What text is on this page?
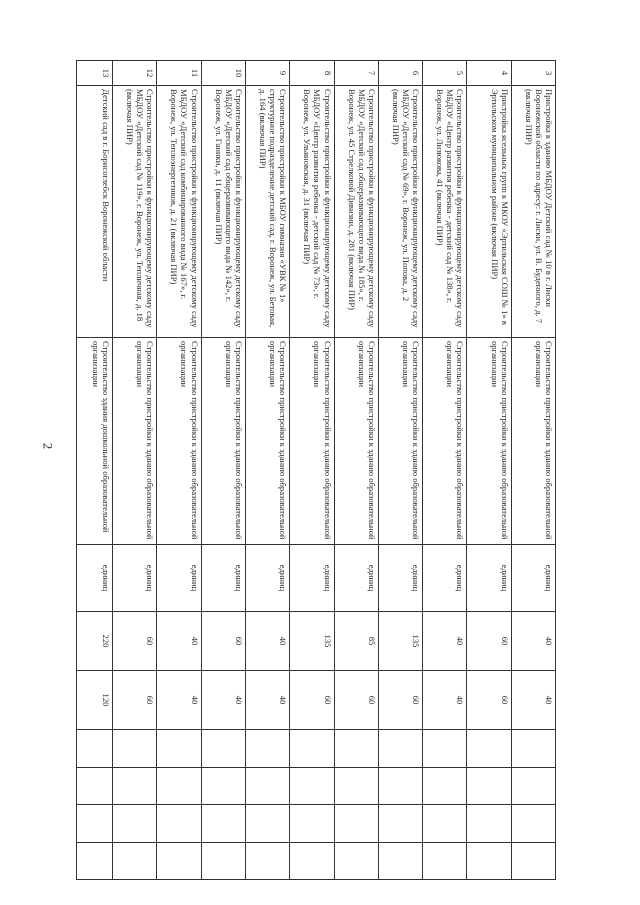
2
3	Пристройка к зданию МБДОУ Детский сад № 10 в г. Лиски Воронежской области по адресу: г. Лиски, ул. В. Буденного, д. 7 (включая ПИР)	Строительство пристройки к зданию образовательной организации	единиц	40	40				
4	Пристройка ясельных групп к МКОУ «Эртильская СОШ № 1» в Эртильском муниципальном районе (включая ПИР)	Строительство пристройки к зданию образовательной организации	единиц	60	60				
5	Строительство пристройки к функционирующему детскому саду МБДОУ «Центр развития ребенка - детский сад № 138», г. Воронеж, ул. Лизюкова, 41 (включая ПИР)	Строительство пристройки к зданию образовательной организации	единиц	40	40				
6	Строительство пристройки к функционирующему детскому саду МБДОУ «Детский сад № 69», г. Воронеж, ул. Попова, д. 2 (включая ПИР)	Строительство пристройки к зданию образовательной организации	единиц	135	60				
7	Строительство пристройки к функционирующему детскому саду МБДОУ «Детский сад общеразвивающего вида № 185», г. Воронеж, ул. 45 Стрелковой Дивизии, д. 281 (включая ПИР)	Строительство пристройки к зданию образовательной организации	единиц	85	60				
8	Строительство пристройки к функционирующему детскому саду МБДОУ «Центр развития ребенка - детский сад № 73», г. Воронеж, ул. Ульяновская, д. 31 (включая ПИР)	Строительство пристройки к зданию образовательной организации	единиц	135	60				
9	Строительство пристройки к МБОУ гимназия «УВК № 1» структурное подразделение детский сад, г. Воронеж, ул. Бетовая, д. 164 (включая ПИР)	Строительство пристройки к зданию образовательной организации	единиц	40	40				
10	Строительство пристройки к функционирующему детскому саду МБДОУ «Детский сад общеразвивающего вида № 142», г. Воронеж, ул. Ганнки, д. 11 (включая ПИР)	Строительство пристройки к зданию образовательной организации	единиц	60	40				
11	Строительство пристройки к функционирующему детскому саду МБДОУ «Детский сад комбинированного вида № 167», г. Воронеж, ул. Теплоэнергетиков, д. 21 (включая ПИР)	Строительство пристройки к зданию образовательной организации	единиц	40	40				
12	Строительство пристройки к функционирующему детскому саду МБДОУ «Детский сад № 119», г. Воронеж, ул. Тепличная, д. 18 (включая ПИР)	Строительство пристройки к зданию образовательной организации	единиц	60	60				
13	Детский сад в г. Борисоглебск Воронежской области	Строительство здания дошкольной образовательной организации	единиц	220	120				
